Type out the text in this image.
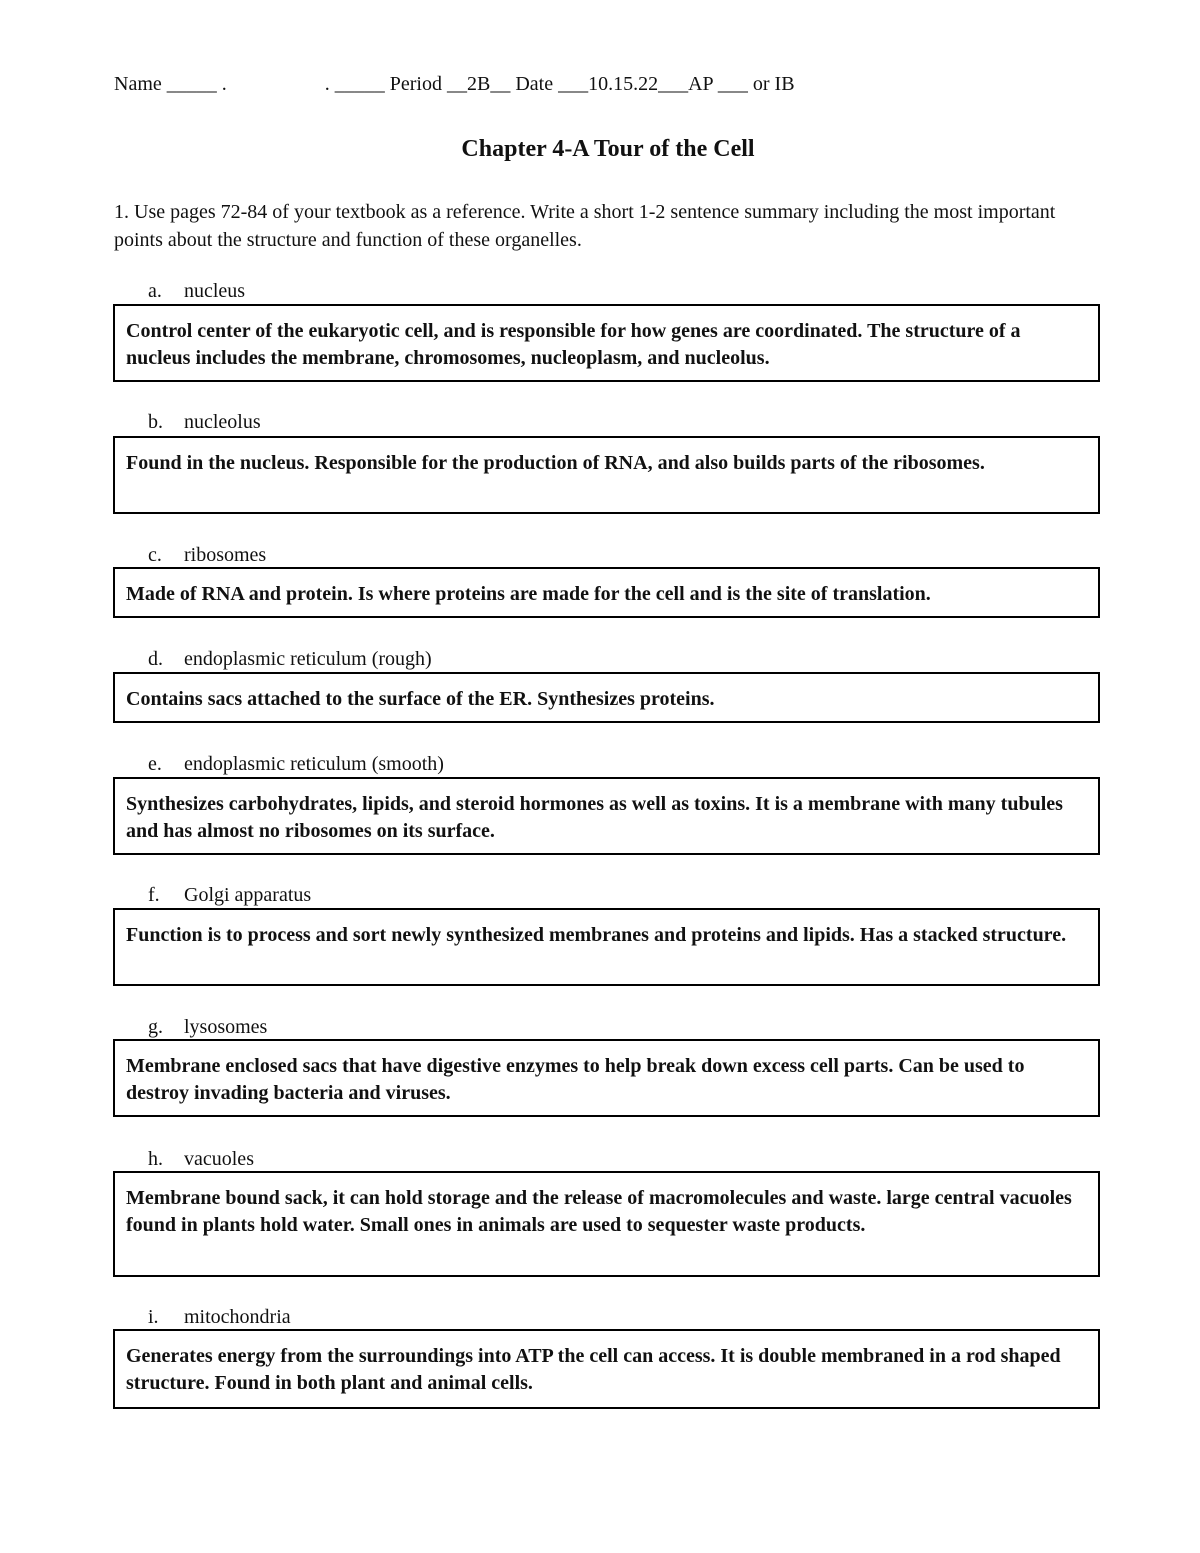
Name _____ .	. _____ Period __2B__ Date ___10.15.22___AP ___ or IB
Chapter 4-A Tour of the Cell
1. Use pages 72-84 of your textbook as a reference. Write a short 1-2 sentence summary including the most important points about the structure and function of these organelles.
a. nucleus
Control center of the eukaryotic cell, and is responsible for how genes are coordinated. The structure of a nucleus includes the membrane, chromosomes, nucleoplasm, and nucleolus.
b. nucleolus
Found in the nucleus. Responsible for the production of RNA, and also builds parts of the ribosomes.
c. ribosomes
Made of RNA and protein. Is where proteins are made for the cell and is the site of translation.
d. endoplasmic reticulum (rough)
Contains sacs attached to the surface of the ER. Synthesizes proteins.
e. endoplasmic reticulum (smooth)
Synthesizes carbohydrates, lipids, and steroid hormones as well as toxins. It is a membrane with many tubules and has almost no ribosomes on its surface.
f. Golgi apparatus
Function is to process and sort newly synthesized membranes and proteins and lipids. Has a stacked structure.
g. lysosomes
Membrane enclosed sacs that have digestive enzymes to help break down excess cell parts. Can be used to destroy invading bacteria and viruses.
h. vacuoles
Membrane bound sack, it can hold storage and the release of macromolecules and waste. large central vacuoles found in plants hold water. Small ones in animals are used to sequester waste products.
i. mitochondria
Generates energy from the surroundings into ATP the cell can access. It is double membraned in a rod shaped structure. Found in both plant and animal cells.
